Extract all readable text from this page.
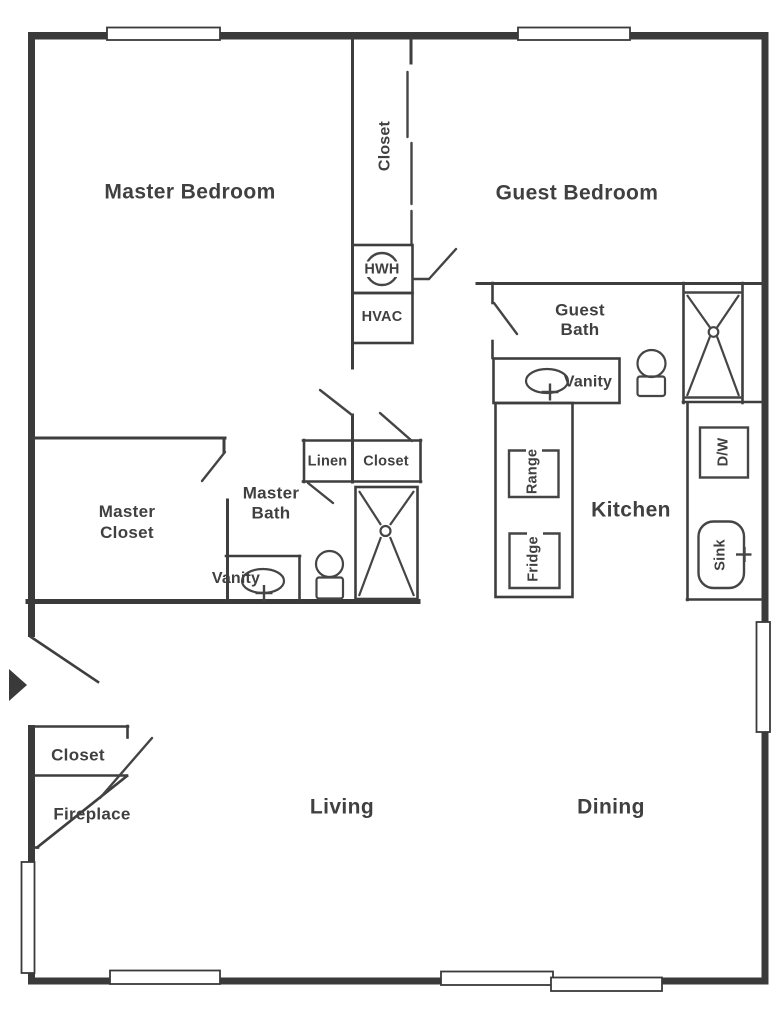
Master Bedroom	Guest Bedroom
Closet
HWH
HVAC	Guest
Bath
Vanity
Kitchen
Range
Fridge
D/W
Sink
Master
Bath
Master
Closet
Vanity
Linen Closet
Closet
Fireplace	Living	Dining
